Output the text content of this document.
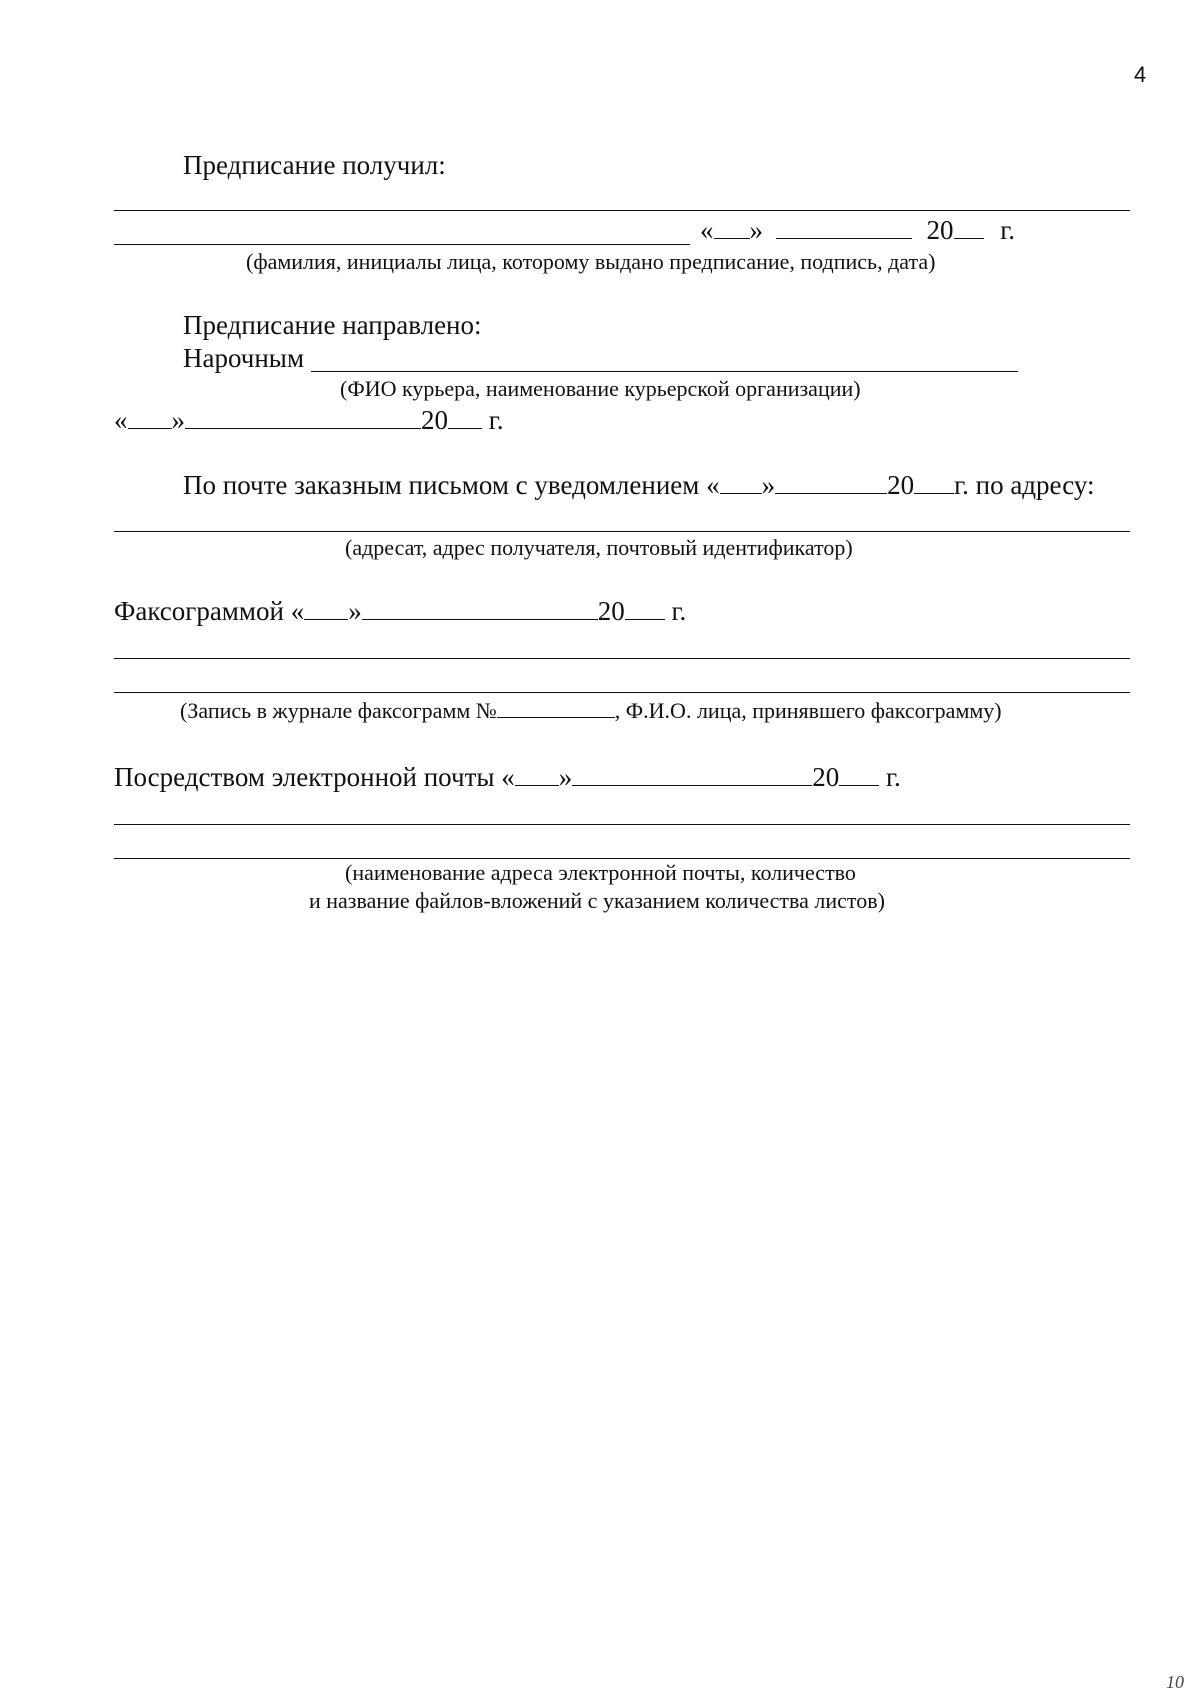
4
Предписание получил:
« »	20 г.
(фамилия, инициалы лица, которому выдано предписание, подпись, дата)
Предписание направлено:
Нарочным
(ФИО курьера, наименование курьерской организации)
« »	20 г.
По почте заказным письмом с уведомлением « »	20 г. по адресу:
(адресат, адрес получателя, почтовый идентификатор)
Факсограммой « »	20 г.
(Запись в журнале факсограмм №	, Ф.И.О. лица, принявшего факсограмму)
Посредством электронной почты « »	20 г.
(наименование адреса электронной почты, количество
и название файлов-вложений с указанием количества листов)
10
